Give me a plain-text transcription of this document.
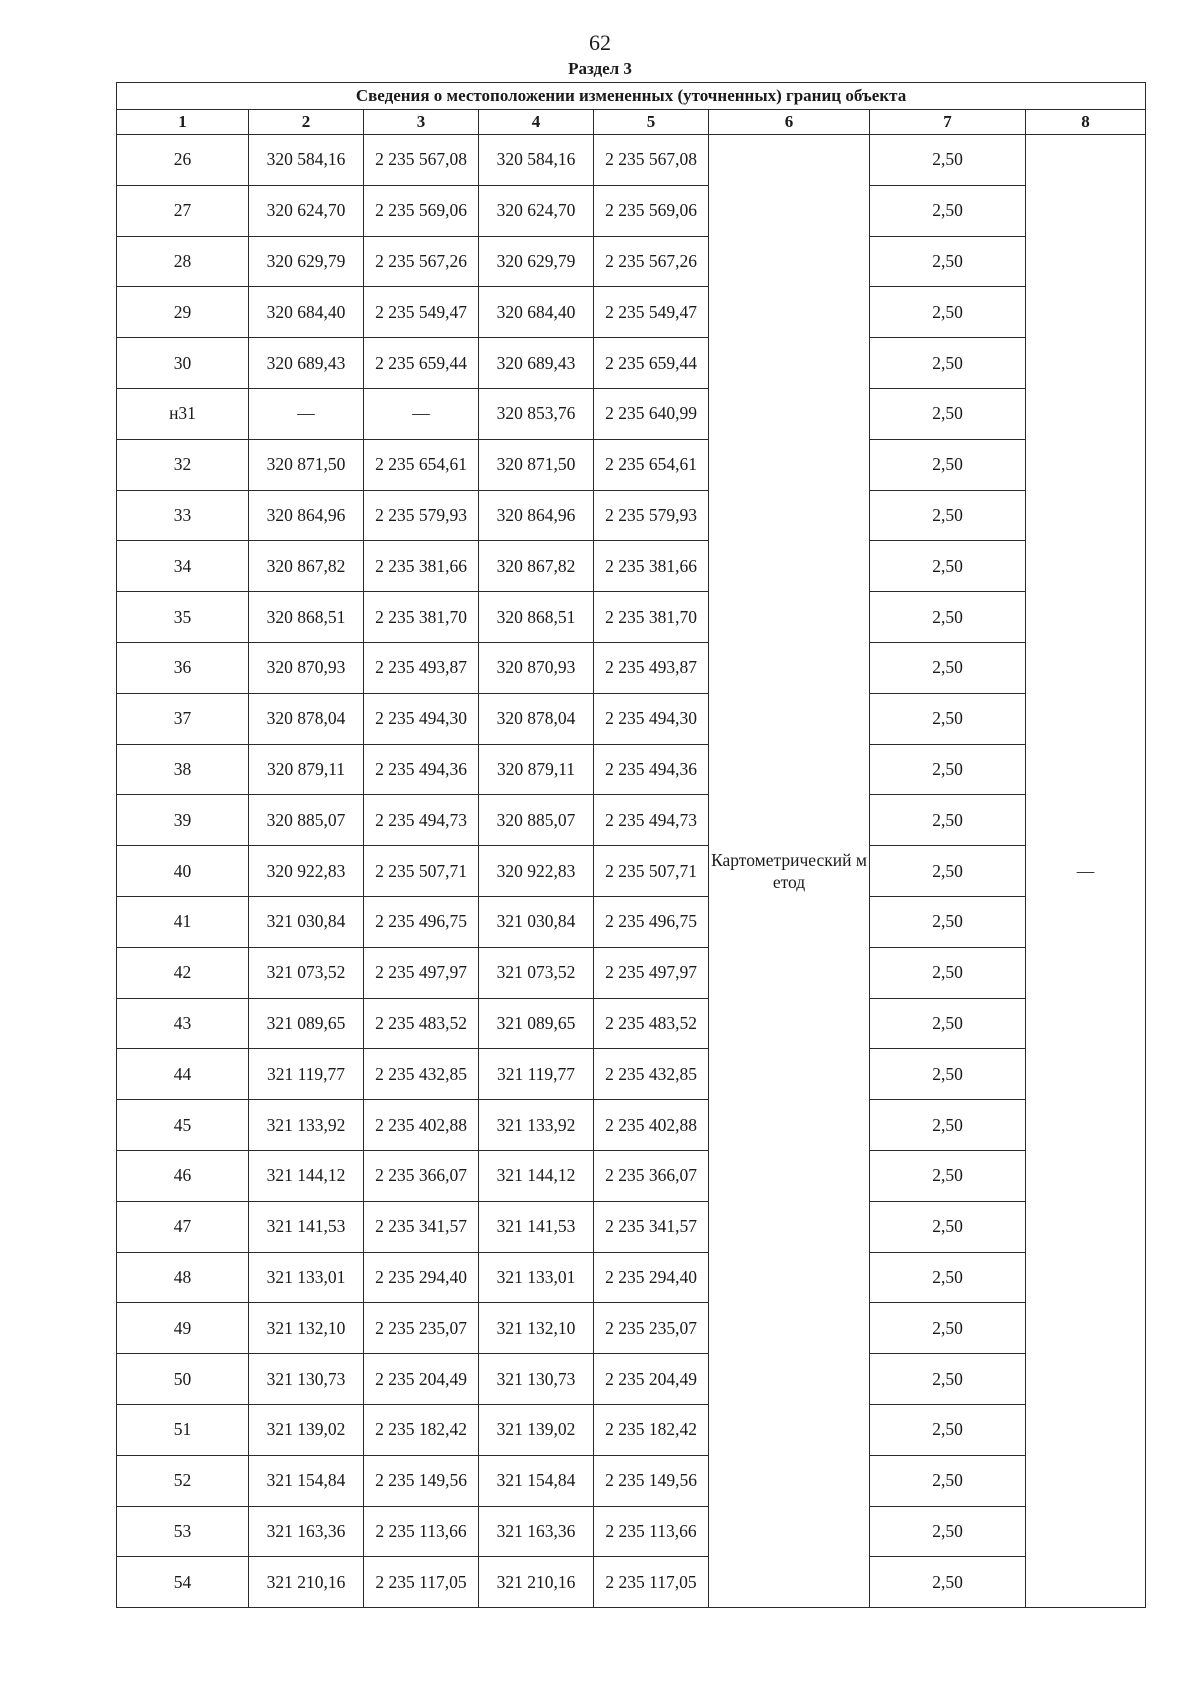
62
Раздел 3
Сведения о местоположении измененных (уточненных) границ объекта							
1	2	3	4	5	6	7	8
26	320 584,16	2 235 567,08	320 584,16	2 235 567,08	Картометрический метод	2,50	—
27	320 624,70	2 235 569,06	320 624,70	2 235 569,06		2,50	
28	320 629,79	2 235 567,26	320 629,79	2 235 567,26		2,50	
29	320 684,40	2 235 549,47	320 684,40	2 235 549,47		2,50	
30	320 689,43	2 235 659,44	320 689,43	2 235 659,44		2,50	
н31	—	—	320 853,76	2 235 640,99		2,50	
32	320 871,50	2 235 654,61	320 871,50	2 235 654,61		2,50	
33	320 864,96	2 235 579,93	320 864,96	2 235 579,93		2,50	
34	320 867,82	2 235 381,66	320 867,82	2 235 381,66		2,50	
35	320 868,51	2 235 381,70	320 868,51	2 235 381,70		2,50	
36	320 870,93	2 235 493,87	320 870,93	2 235 493,87		2,50	
37	320 878,04	2 235 494,30	320 878,04	2 235 494,30		2,50	
38	320 879,11	2 235 494,36	320 879,11	2 235 494,36		2,50	
39	320 885,07	2 235 494,73	320 885,07	2 235 494,73		2,50	
40	320 922,83	2 235 507,71	320 922,83	2 235 507,71		2,50	
41	321 030,84	2 235 496,75	321 030,84	2 235 496,75		2,50	
42	321 073,52	2 235 497,97	321 073,52	2 235 497,97		2,50	
43	321 089,65	2 235 483,52	321 089,65	2 235 483,52		2,50	
44	321 119,77	2 235 432,85	321 119,77	2 235 432,85		2,50	
45	321 133,92	2 235 402,88	321 133,92	2 235 402,88		2,50	
46	321 144,12	2 235 366,07	321 144,12	2 235 366,07		2,50	
47	321 141,53	2 235 341,57	321 141,53	2 235 341,57		2,50	
48	321 133,01	2 235 294,40	321 133,01	2 235 294,40		2,50	
49	321 132,10	2 235 235,07	321 132,10	2 235 235,07		2,50	
50	321 130,73	2 235 204,49	321 130,73	2 235 204,49		2,50	
51	321 139,02	2 235 182,42	321 139,02	2 235 182,42		2,50	
52	321 154,84	2 235 149,56	321 154,84	2 235 149,56		2,50	
53	321 163,36	2 235 113,66	321 163,36	2 235 113,66		2,50	
54	321 210,16	2 235 117,05	321 210,16	2 235 117,05		2,50	
